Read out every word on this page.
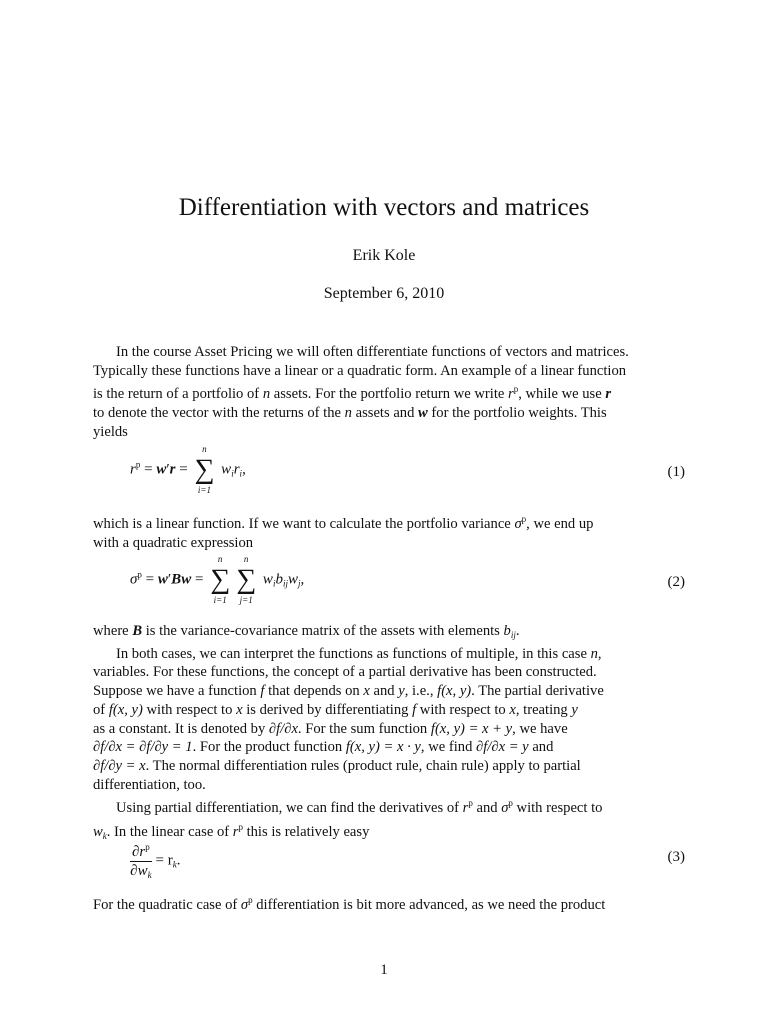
Differentiation with vectors and matrices
Erik Kole
September 6, 2010
In the course Asset Pricing we will often differentiate functions of vectors and matrices.
Typically these functions have a linear or a quadratic form. An example of a linear function
is the return of a portfolio of n assets. For the portfolio return we write $r^p$, while we use r
to denote the vector with the returns of the n assets and w for the portfolio weights. This
yields
$r^p = w'r$ = ∑
n
i=1
$w_ir_i$,	(1)
which is a linear function. If we want to calculate the portfolio variance $\sigma^p$, we end up
with a quadratic expression
$\sigma^p = w'Bw$ = ∑
n
i=1
∑
n
j=1
$w_ib_{ij}w_j$,	(2)
where B is the variance-covariance matrix of the assets with elements $b_{ij}$.
In both cases, we can interpret the functions as functions of multiple, in this case n,
variables. For these functions, the concept of a partial derivative has been constructed.
Suppose we have a function f that depends on x and y, i.e., f(x, y). The partial derivative
of f(x, y) with respect to x is derived by differentiating f with respect to x, treating y
as a constant. It is denoted by ∂f/∂x. For the sum function f(x, y) = x + y, we have
∂f/∂x = ∂f/∂y = 1. For the product function f(x, y) = x · y, we find ∂f/∂x = y and
∂f/∂y = x. The normal differentiation rules (product rule, chain rule) apply to partial
differentiation, too.
Using partial differentiation, we can find the derivatives of $r^p$ and $\sigma^p$ with respect to
$w_k$. In the linear case of $r^p$ this is relatively easy
$\frac{\partial r^p}{\partial w_k} = r_k$.	(3)
For the quadratic case of $\sigma^p$ differentiation is bit more advanced, as we need the product
1
